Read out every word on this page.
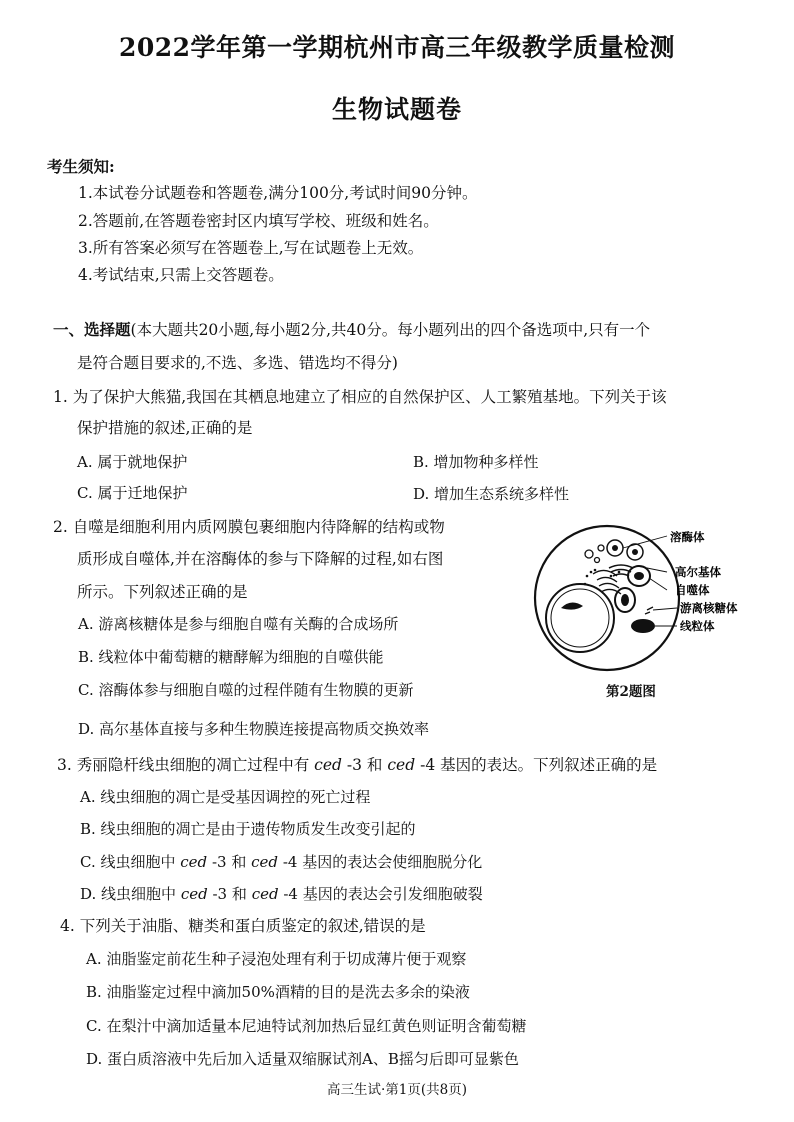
2022学年第一学期杭州市高三年级教学质量检测
生物试题卷
考生须知:
1.本试卷分试题卷和答题卷,满分100分,考试时间90分钟。
2.答题前,在答题卷密封区内填写学校、班级和姓名。
3.所有答案必须写在答题卷上,写在试题卷上无效。
4.考试结束,只需上交答题卷。
一、选择题(本大题共20小题,每小题2分,共40分。每小题列出的四个备选项中,只有一个
是符合题目要求的,不选、多选、错选均不得分)
1. 为了保护大熊猫,我国在其栖息地建立了相应的自然保护区、人工繁殖基地。下列关于该
保护措施的叙述,正确的是
A. 属于就地保护	B. 增加物种多样性
C. 属于迁地保护	D. 增加生态系统多样性
2. 自噬是细胞利用内质网膜包裹细胞内待降解的结构或物
质形成自噬体,并在溶酶体的参与下降解的过程,如右图
所示。下列叙述正确的是
A. 游离核糖体是参与细胞自噬有关酶的合成场所
B. 线粒体中葡萄糖的糖酵解为细胞的自噬供能
C. 溶酶体参与细胞自噬的过程伴随有生物膜的更新
D. 高尔基体直接与多种生物膜连接提高物质交换效率
溶酶体
高尔基体
自噬体
游离核糖体
线粒体
第2题图
3. 秀丽隐杆线虫细胞的凋亡过程中有 ced -3 和 ced -4 基因的表达。下列叙述正确的是
A. 线虫细胞的凋亡是受基因调控的死亡过程
B. 线虫细胞的凋亡是由于遗传物质发生改变引起的
C. 线虫细胞中 ced -3 和 ced -4 基因的表达会使细胞脱分化
D. 线虫细胞中 ced -3 和 ced -4 基因的表达会引发细胞破裂
4. 下列关于油脂、糖类和蛋白质鉴定的叙述,错误的是
A. 油脂鉴定前花生种子浸泡处理有利于切成薄片便于观察
B. 油脂鉴定过程中滴加50%酒精的目的是洗去多余的染液
C. 在梨汁中滴加适量本尼迪特试剂加热后显红黄色则证明含葡萄糖
D. 蛋白质溶液中先后加入适量双缩脲试剂A、B摇匀后即可显紫色
高三生试·第1页(共8页)
